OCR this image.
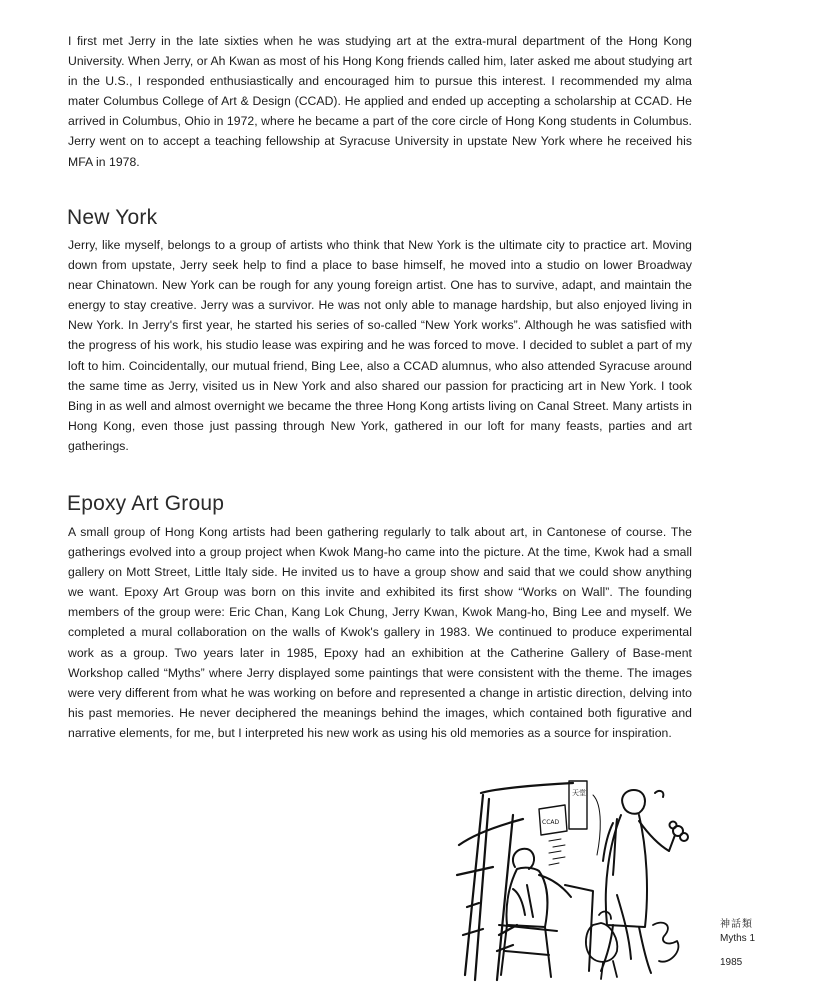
I first met Jerry in the late sixties when he was studying art at the extra-mural department of the Hong Kong University. When Jerry, or Ah Kwan as most of his Hong Kong friends called him, later asked me about studying art in the U.S., I responded enthusiastically and encouraged him to pursue this interest. I recommended my alma mater Columbus College of Art & Design (CCAD). He applied and ended up accepting a scholarship at CCAD. He arrived in Columbus, Ohio in 1972, where he became a part of the core circle of Hong Kong students in Columbus. Jerry went on to accept a teaching fellowship at Syracuse University in upstate New York where he received his MFA in 1978.

New York

Jerry, like myself, belongs to a group of artists who think that New York is the ultimate city to practice art. Moving down from upstate, Jerry seek help to find a place to base himself, he moved into a studio on lower Broadway near Chinatown. New York can be rough for any young foreign artist. One has to survive, adapt, and maintain the energy to stay creative. Jerry was a survivor. He was not only able to manage hardship, but also enjoyed living in New York. In Jerry's first year, he started his series of so-called “New York works”. Although he was satisfied with the progress of his work, his studio lease was expiring and he was forced to move. I decided to sublet a part of my loft to him. Coincidentally, our mutual friend, Bing Lee, also a CCAD alumnus, who also attended Syracuse around the same time as Jerry, visited us in New York and also shared our passion for practicing art in New York. I took Bing in as well and almost overnight we became the three Hong Kong artists living on Canal Street. Many artists in Hong Kong, even those just passing through New York, gathered in our loft for many feasts, parties and art gatherings.

Epoxy Art Group

A small group of Hong Kong artists had been gathering regularly to talk about art, in Cantonese of course. The gatherings evolved into a group project when Kwok Mang-ho came into the picture. At the time, Kwok had a small gallery on Mott Street, Little Italy side. He invited us to have a group show and said that we could show anything we want. Epoxy Art Group was born on this invite and exhibited its first show “Works on Wall”. The founding members of the group were: Eric Chan, Kang Lok Chung, Jerry Kwan, Kwok Mang-ho, Bing Lee and myself. We completed a mural collaboration on the walls of Kwok's gallery in 1983. We continued to produce experimental work as a group. Two years later in 1985, Epoxy had an exhibition at the Catherine Gallery of Base-ment Workshop called “Myths” where Jerry displayed some paintings that were consistent with the theme. The images were very different from what he was working on before and represented a change in artistic direction, delving into his past memories. He never deciphered the meanings behind the images, which contained both figurative and narrative elements, for me, but I interpreted his new work as using his old memories as a source for inspiration.

天堂
CCAD
神話類
Myths 1
1985
